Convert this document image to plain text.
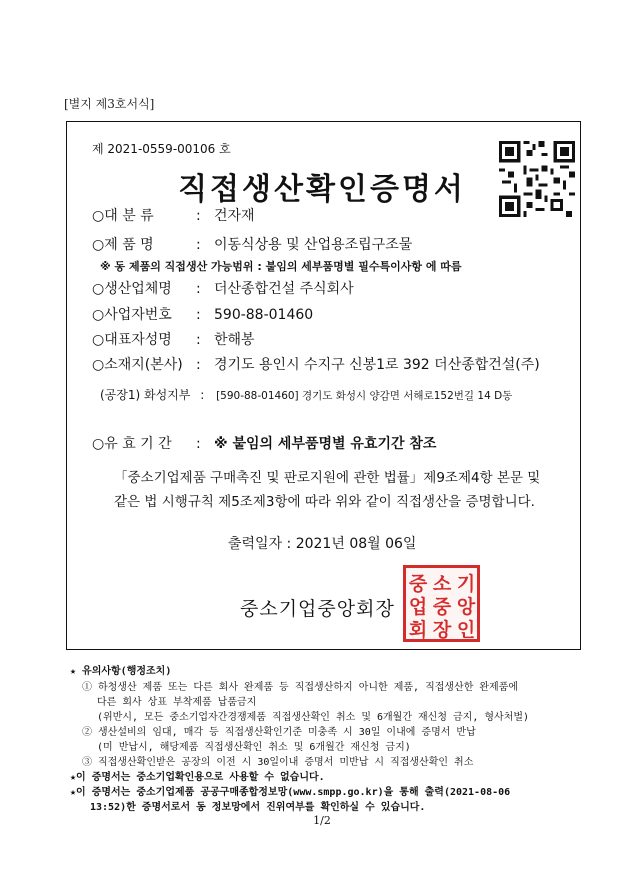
[별지 제3호서식]
제 2021-0559-00106 호
직접생산확인증명서
○대 분 류	: 건자재
○제 품 명	: 이동식상용 및 산업용조립구조물
※ 동 제품의 직접생산 가능범위 : 붙임의 세부품명별 필수특이사항 에 따름
○생산업체명 : 더산종합건설 주식회사
○사업자번호 : 590-88-01460
○대표자성명 : 한해봉
○소재지(본사) : 경기도 용인시 수지구 신봉1로 392 더산종합건설(주)
(공장1) 화성지부 : [590-88-01460] 경기도 화성시 양감면 서해로152번길 14 D동
○유 효 기 간 : ※ 붙임의 세부품명별 유효기간 참조
「중소기업제품 구매촉진 및 판로지원에 관한 법률」제9조제4항 본문 및
같은 법 시행규칙 제5조제3항에 따라 위와 같이 직접생산을 증명합니다.
출력일자 : 2021년 08월 06일
중소기업중앙회장
중 소 기
업 중 앙
회 장 인
★ 유의사항(행정조치)
① 하청생산 제품 또는 다른 회사 완제품 등 직접생산하지 아니한 제품, 직접생산한 완제품에
다른 회사 상표 부착제품 납품금지
(위반시, 모든 중소기업자간경쟁제품 직접생산확인 취소 및 6개월간 재신청 금지, 형사처벌)
② 생산설비의 임대, 매각 등 직접생산확인기준 미충족 시 30일 이내에 증명서 반납
(미 반납시, 해당제품 직접생산확인 취소 및 6개월간 재신청 금지)
③ 직접생산확인받은 공장의 이전 시 30일이내 증명서 미반납 시 직접생산확인 취소
★이 증명서는 중소기업확인용으로 사용할 수 없습니다.
★이 증명서는 중소기업제품 공공구매종합정보망(www.smpp.go.kr)을 통해 출력(2021-08-06
13:52)한 증명서로서 동 정보망에서 진위여부를 확인하실 수 있습니다.
1/2
